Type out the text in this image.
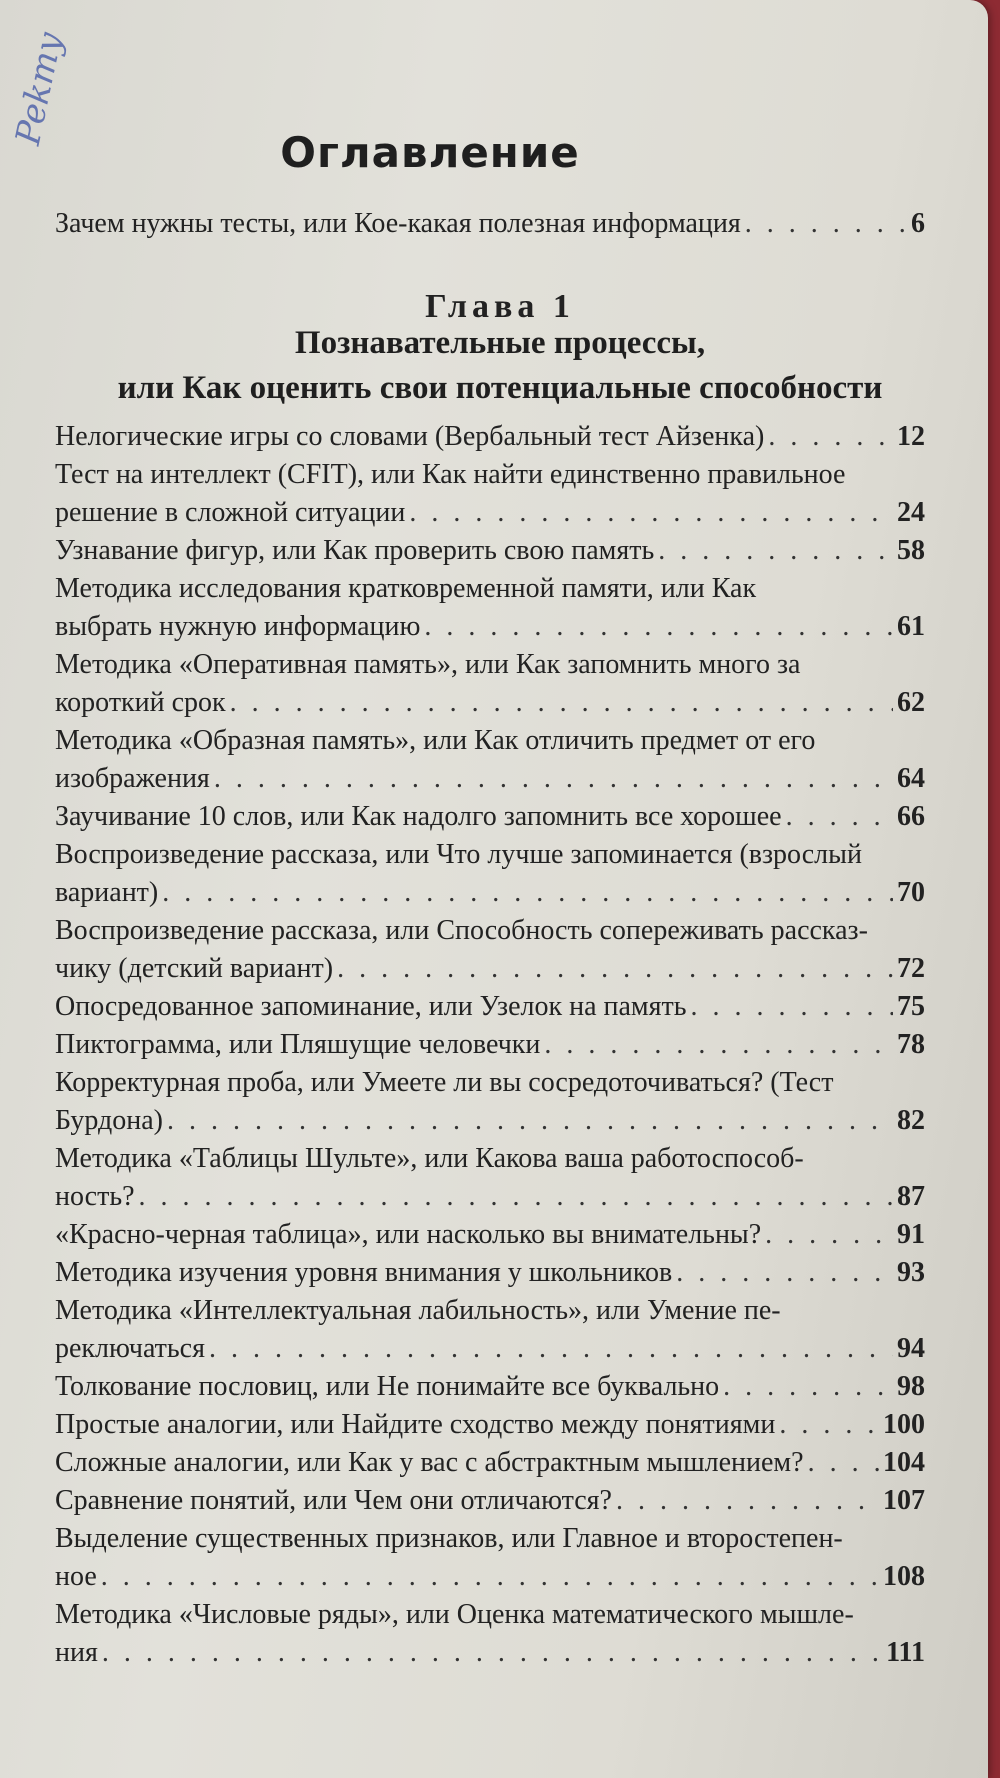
Pekmy
Оглавление
Зачем нужны тесты, или Кое-какая полезная информация . . .	6
Глава 1
Познавательные процессы,
или Как оценить свои потенциальные способности
Нелогические игры со словами (Вербальный тест Айзенка) . . .	12
Тест на интеллект (CFIT), или Как найти единственно правильное
решение в сложной ситуации . . .	24
Узнавание фигур, или Как проверить свою память . . .	58
Методика исследования кратковременной памяти, или Как
выбрать нужную информацию . . .	61
Методика «Оперативная память», или Как запомнить много за
короткий срок . . .	62
Методика «Образная память», или Как отличить предмет от его
изображения . . .	64
Заучивание 10 слов, или Как надолго запомнить все хорошее . . .	66
Воспроизведение рассказа, или Что лучше запоминается (взрослый
вариант) . . .	70
Воспроизведение рассказа, или Способность сопереживать рассказ-
чику (детский вариант) . . .	72
Опосредованное запоминание, или Узелок на память . . .	75
Пиктограмма, или Пляшущие человечки . . .	78
Корректурная проба, или Умеете ли вы сосредоточиваться? (Тест
Бурдона) . . .	82
Методика «Таблицы Шульте», или Какова ваша работоспособ-
ность? . . .	87
«Красно-черная таблица», или насколько вы внимательны? . . .	91
Методика изучения уровня внимания у школьников . . .	93
Методика «Интеллектуальная лабильность», или Умение пе-
реключаться . . .	94
Толкование пословиц, или Не понимайте все буквально . . .	98
Простые аналогии, или Найдите сходство между понятиями . . .	100
Сложные аналогии, или Как у вас с абстрактным мышлением? . . .	104
Сравнение понятий, или Чем они отличаются? . . .	107
Выделение существенных признаков, или Главное и второстепен-
ное . . .	108
Методика «Числовые ряды», или Оценка математического мышле-
ния . . .	111
